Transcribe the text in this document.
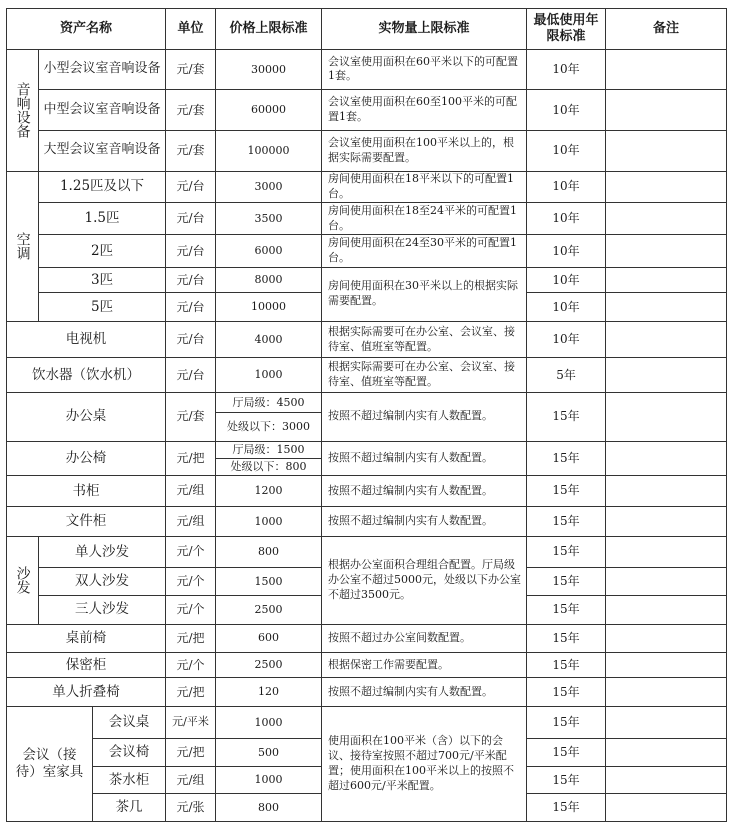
资产名称			单位	价格上限标准	实物量上限标准	最低使用年限标准	备注
音响设备	小型会议室音响设备		元/套	30000	会议室使用面积在60平米以下的可配置1套。	10年	
	中型会议室音响设备		元/套	60000	会议室使用面积在60至100平米的可配置1套。	10年	
	大型会议室音响设备		元/套	100000	会议室使用面积在100平米以上的，根据实际需要配置。	10年	
空调	1.25匹及以下		元/台	3000	房间使用面积在18平米以下的可配置1台。	10年	
	1.5匹		元/台	3500	房间使用面积在18至24平米的可配置1台。	10年	
	2匹		元/台	6000	房间使用面积在24至30平米的可配置1台。	10年	
	3匹		元/台	8000	房间使用面积在30平米以上的根据实际需要配置。	10年	
	5匹		元/台	10000		10年	
电视机			元/台	4000	根据实际需要可在办公室、会议室、接待室、值班室等配置。	10年	
饮水器（饮水机）			元/台	1000	根据实际需要可在办公室、会议室、接待室、值班室等配置。	5年	
办公桌			元/套	厅局级：4500	按照不超过编制内实有人数配置。	15年	
				处级以下：3000			
办公椅			元/把	厅局级：1500	按照不超过编制内实有人数配置。	15年	
				处级以下：800			
书柜			元/组	1200	按照不超过编制内实有人数配置。	15年	
文件柜			元/组	1000	按照不超过编制内实有人数配置。	15年	
沙发	单人沙发		元/个	800	根据办公室面积合理组合配置。厅局级办公室不超过5000元，处级以下办公室不超过3500元。	15年	
	双人沙发		元/个	1500		15年	
	三人沙发		元/个	2500		15年	
桌前椅			元/把	600	按照不超过办公室间数配置。	15年	
保密柜			元/个	2500	根据保密工作需要配置。	15年	
单人折叠椅			元/把	120	按照不超过编制内实有人数配置。	15年	
会议（接待）室家具		会议桌	元/平米	1000	使用面积在100平米（含）以下的会议、接待室按照不超过700元/平米配置；使用面积在100平米以上的按照不超过600元/平米配置。	15年	
		会议椅	元/把	500		15年	
		茶水柜	元/组	1000		15年	
		茶几	元/张	800		15年	
